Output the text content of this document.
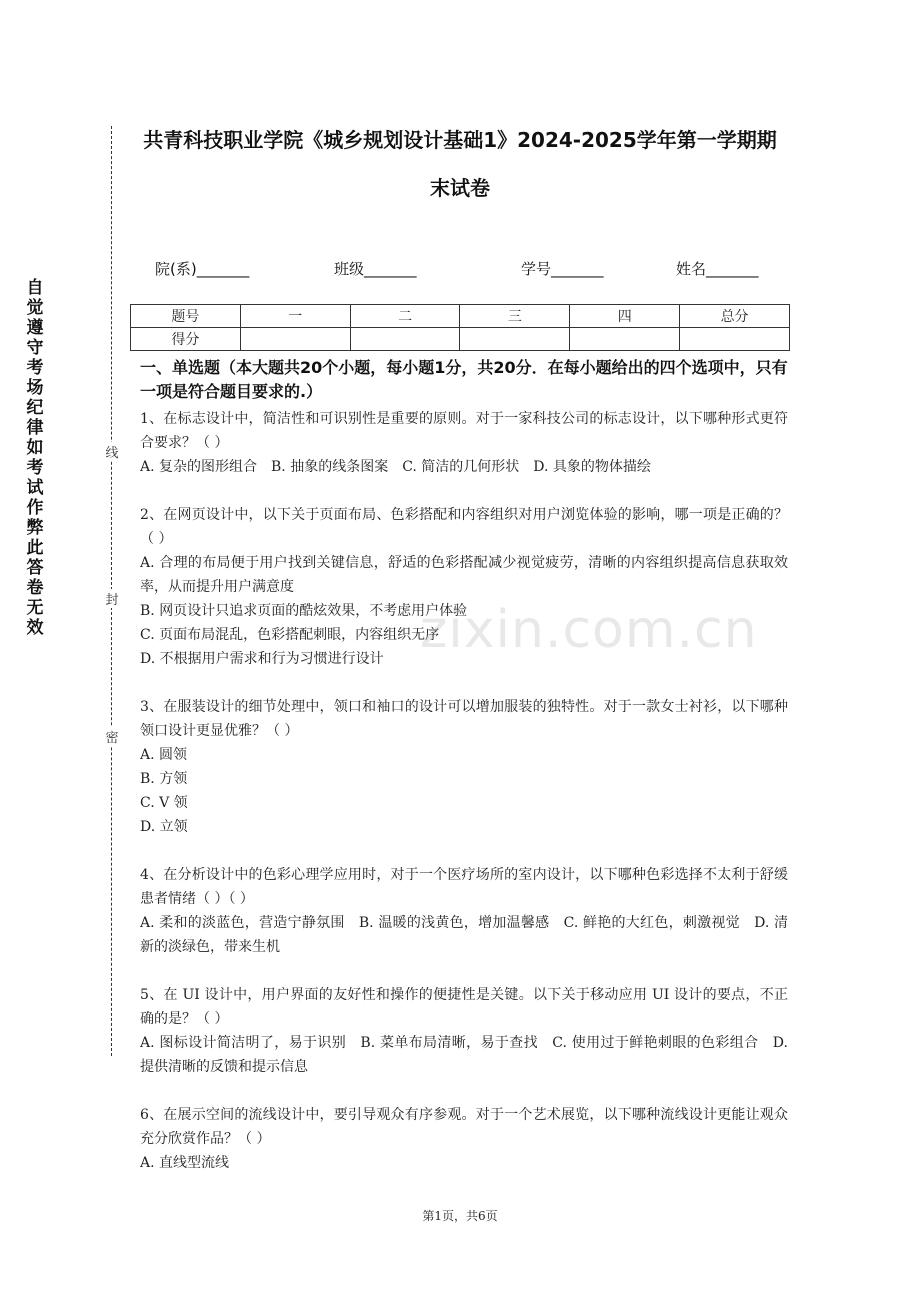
自觉遵守考场纪律如考试作弊此答卷无效
线
封
密
共青科技职业学院《城乡规划设计基础1》2024-2025学年第一学期期末试卷
院(系)_______	班级_______	学号_______	姓名_______
题号	一	二	三	四	总分
得分					
zixin.com.cn
一、单选题（本大题共20个小题，每小题1分，共20分．在每小题给出的四个选项中，只有一项是符合题目要求的.）

1、在标志设计中，简洁性和可识别性是重要的原则。对于一家科技公司的标志设计，以下哪种形式更符合要求？（ ）

A. 复杂的图形组合　B. 抽象的线条图案　C. 简洁的几何形状　D. 具象的物体描绘

2、在网页设计中，以下关于页面布局、色彩搭配和内容组织对用户浏览体验的影响，哪一项是正确的？（ ）

A. 合理的布局便于用户找到关键信息，舒适的色彩搭配减少视觉疲劳，清晰的内容组织提高信息获取效率，从而提升用户满意度

B. 网页设计只追求页面的酷炫效果，不考虑用户体验

C. 页面布局混乱，色彩搭配刺眼，内容组织无序

D. 不根据用户需求和行为习惯进行设计

3、在服装设计的细节处理中，领口和袖口的设计可以增加服装的独特性。对于一款女士衬衫，以下哪种领口设计更显优雅？（ ）

A. 圆领

B. 方领

C. V 领

D. 立领

4、在分析设计中的色彩心理学应用时，对于一个医疗场所的室内设计，以下哪种色彩选择不太利于舒缓患者情绪（ ）（ ）

A. 柔和的淡蓝色，营造宁静氛围　B. 温暖的浅黄色，增加温馨感　C. 鲜艳的大红色，刺激视觉　D. 清新的淡绿色，带来生机

5、在 UI 设计中，用户界面的友好性和操作的便捷性是关键。以下关于移动应用 UI 设计的要点，不正确的是？（ ）

A. 图标设计简洁明了，易于识别　B. 菜单布局清晰，易于查找　C. 使用过于鲜艳刺眼的色彩组合　D. 提供清晰的反馈和提示信息

6、在展示空间的流线设计中，要引导观众有序参观。对于一个艺术展览，以下哪种流线设计更能让观众充分欣赏作品？（ ）

A. 直线型流线

第1页，共6页
